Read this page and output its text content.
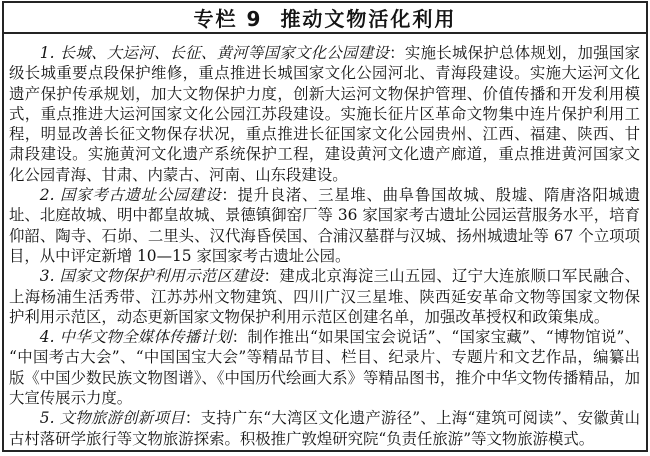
专栏 9 推动文物活化利用

1. 长城、大运河、长征、黄河等国家文化公园建设：实施长城保护总体规划，加强国家级长城重要点段保护维修，重点推进长城国家文化公园河北、青海段建设。实施大运河文化遗产保护传承规划，加大文物保护力度，创新大运河文物保护管理、价值传播和开发利用模式，重点推进大运河国家文化公园江苏段建设。实施长征片区革命文物集中连片保护利用工程，明显改善长征文物保存状况，重点推进长征国家文化公园贵州、江西、福建、陕西、甘肃段建设。实施黄河文化遗产系统保护工程，建设黄河文化遗产廊道，重点推进黄河国家文化公园青海、甘肃、内蒙古、河南、山东段建设。

2. 国家考古遗址公园建设：提升良渚、三星堆、曲阜鲁国故城、殷墟、隋唐洛阳城遗址、北庭故城、明中都皇故城、景德镇御窑厂等 36 家国家考古遗址公园运营服务水平，培育仰韶、陶寺、石峁、二里头、汉代海昏侯国、合浦汉墓群与汉城、扬州城遗址等 67 个立项项目，从中评定新增 10—15 家国家考古遗址公园。

3. 国家文物保护利用示范区建设：建成北京海淀三山五园、辽宁大连旅顺口军民融合、上海杨浦生活秀带、江苏苏州文物建筑、四川广汉三星堆、陕西延安革命文物等国家文物保护利用示范区，动态更新国家文物保护利用示范区创建名单，加强改革授权和政策集成。

4. 中华文物全媒体传播计划：制作推出“如果国宝会说话”、“国家宝藏”、“博物馆说”、“中国考古大会”、“中国国宝大会”等精品节目、栏目、纪录片、专题片和文艺作品，编纂出版《中国少数民族文物图谱》、《中国历代绘画大系》等精品图书，推介中华文物传播精品，加大宣传展示力度。

5. 文物旅游创新项目：支持广东“大湾区文化遗产游径”、上海“建筑可阅读”、安徽黄山古村落研学旅行等文物旅游探索。积极推广敦煌研究院“负责任旅游”等文物旅游模式。
